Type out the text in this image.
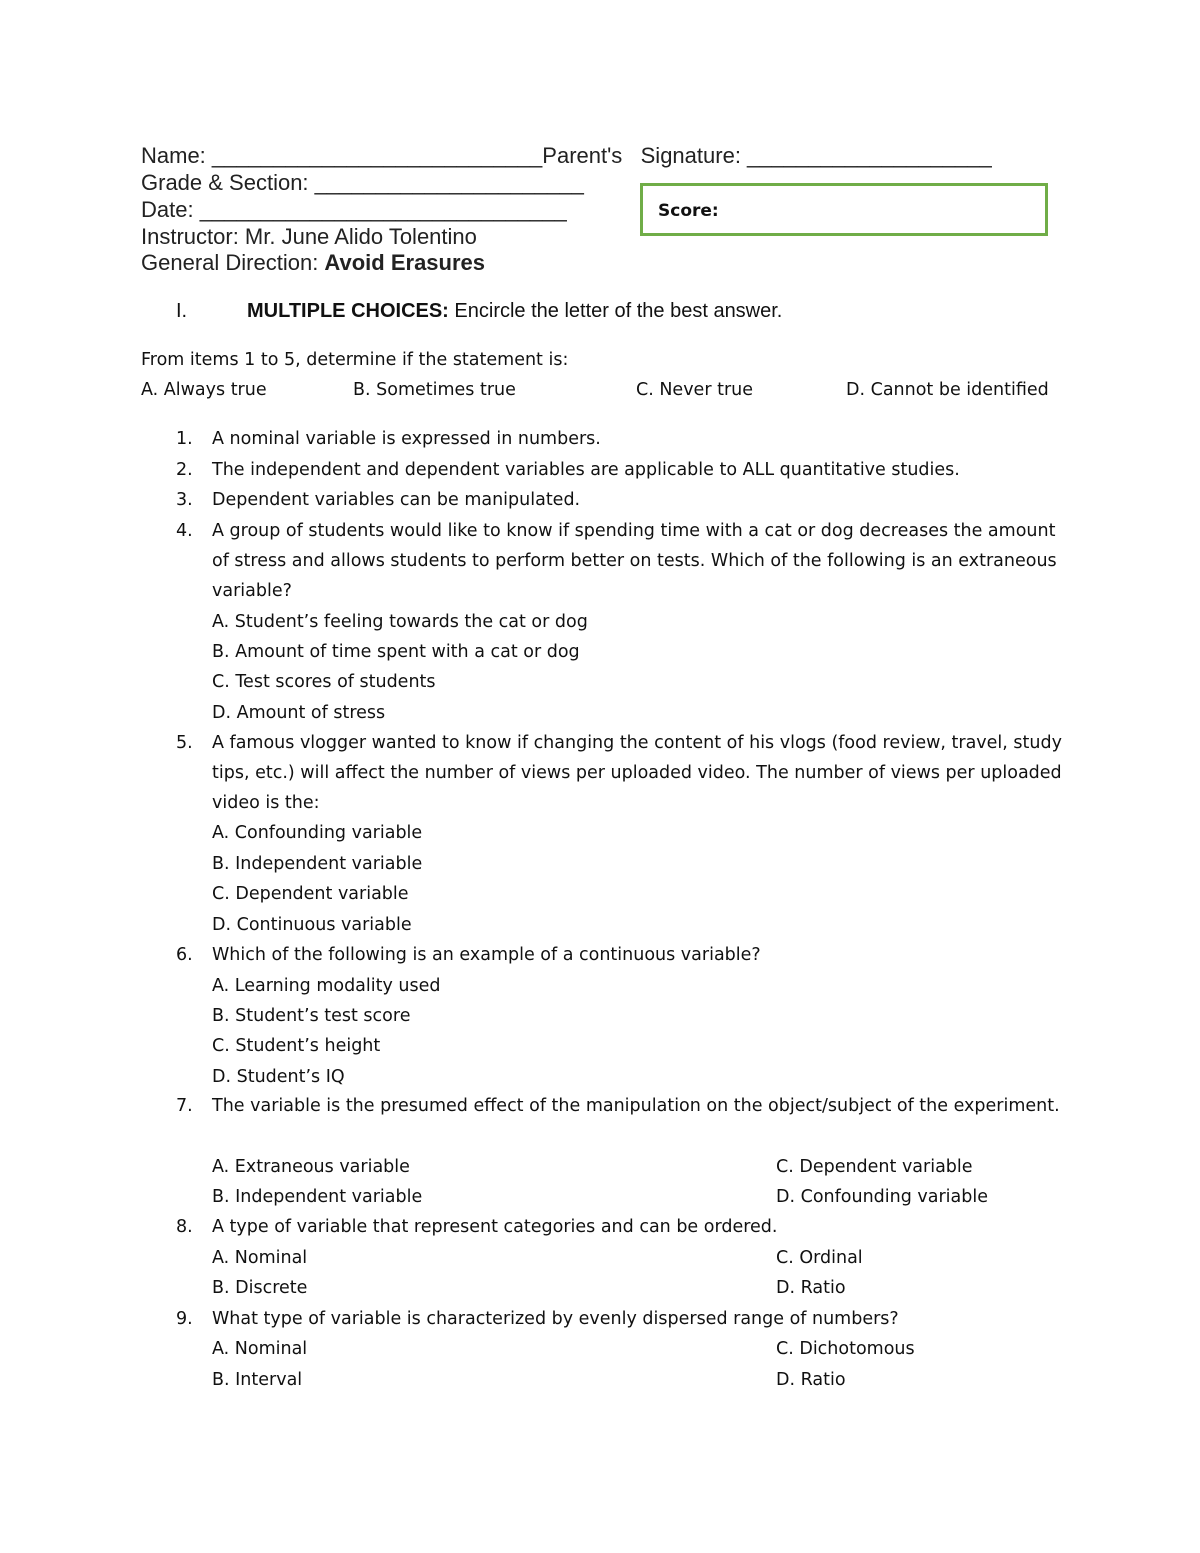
Name: ___________________________Parent's   Signature: ____________________
Grade & Section: ______________________
Date: ______________________________
Instructor: Mr. June Alido Tolentino
General Direction: Avoid Erasures
Score:
I.	MULTIPLE CHOICES: Encircle the letter of the best answer.
From items 1 to 5, determine if the statement is:
A. Always true	B. Sometimes true	C. Never true	D. Cannot be identified
1. A nominal variable is expressed in numbers.
2. The independent and dependent variables are applicable to ALL quantitative studies.
3. Dependent variables can be manipulated.
4. A group of students would like to know if spending time with a cat or dog decreases the amount
of stress and allows students to perform better on tests. Which of the following is an extraneous
variable?
A. Student’s feeling towards the cat or dog
B. Amount of time spent with a cat or dog
C. Test scores of students
D. Amount of stress
5. A famous vlogger wanted to know if changing the content of his vlogs (food review, travel, study
tips, etc.) will affect the number of views per uploaded video. The number of views per uploaded
video is the:
A. Confounding variable
B. Independent variable
C. Dependent variable
D. Continuous variable
6. Which of the following is an example of a continuous variable?
A. Learning modality used
B. Student’s test score
C. Student’s height
D. Student’s IQ
7. The variable is the presumed effect of the manipulation on the object/subject of the experiment.
A. Extraneous variable	C. Dependent variable
B. Independent variable	D. Confounding variable
8. A type of variable that represent categories and can be ordered.
A. Nominal	C. Ordinal
B. Discrete	D. Ratio
9. What type of variable is characterized by evenly dispersed range of numbers?
A. Nominal	C. Dichotomous
B. Interval	D. Ratio
